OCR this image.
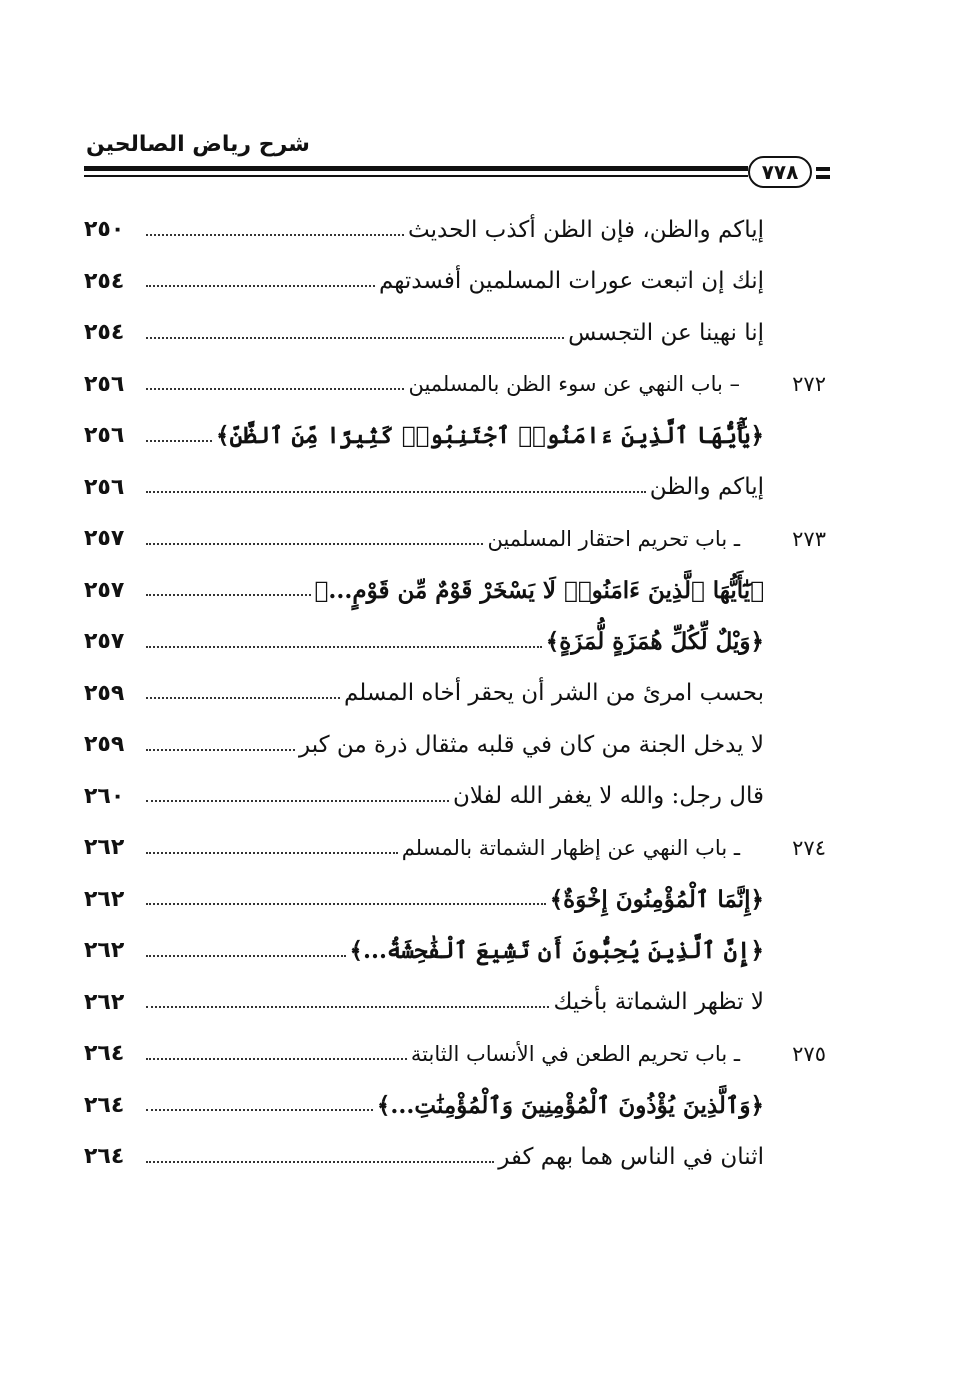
شرح رياض الصالحين
٧٧٨
إياكم والظن، فإن الظن أكذب الحديث
٢٥٠
إنك إن اتبعت عورات المسلمين أفسدتهم
٢٥٤
إنا نهينا عن التجسس
٢٥٤
٢٧٢
– باب النهي عن سوء الظن بالمسلمين
٢٥٦
﴿يَٰٓأَيُّهَا ٱلَّذِينَ ءَامَنُوا۟ ٱجْتَنِبُوا۟ كَثِيرًا مِّنَ ٱلظَّنِّ﴾
٢٥٦
إياكم والظن
٢٥٦
٢٧٣
ـ باب تحريم احتقار المسلمين
٢٥٧
﴿يَٰٓأَيُّهَا ٱلَّذِينَ ءَامَنُوا۟ لَا يَسْخَرْ قَوْمٌ مِّن قَوْمٍ...﴾
٢٥٧
﴿وَيْلٌ لِّكُلِّ هُمَزَةٍ لُّمَزَةٍ﴾
٢٥٧
بحسب امرئ من الشر أن يحقر أخاه المسلم
٢٥٩
لا يدخل الجنة من كان في قلبه مثقال ذرة من كبر
٢٥٩
قال رجل: والله لا يغفر الله لفلان
٢٦٠
٢٧٤
ـ باب النهي عن إظهار الشماتة بالمسلم
٢٦٢
﴿إِنَّمَا ٱلْمُؤْمِنُونَ إِخْوَةٌ﴾
٢٦٢
﴿إِنَّ ٱلَّذِينَ يُحِبُّونَ أَن تَشِيعَ ٱلْفَٰحِشَةُ...﴾
٢٦٢
لا تظهر الشماتة بأخيك
٢٦٢
٢٧٥
ـ باب تحريم الطعن في الأنساب الثابتة
٢٦٤
﴿وَٱلَّذِينَ يُؤْذُونَ ٱلْمُؤْمِنِينَ وَٱلْمُؤْمِنَٰتِ...﴾
٢٦٤
اثنان في الناس هما بهم كفر
٢٦٤
